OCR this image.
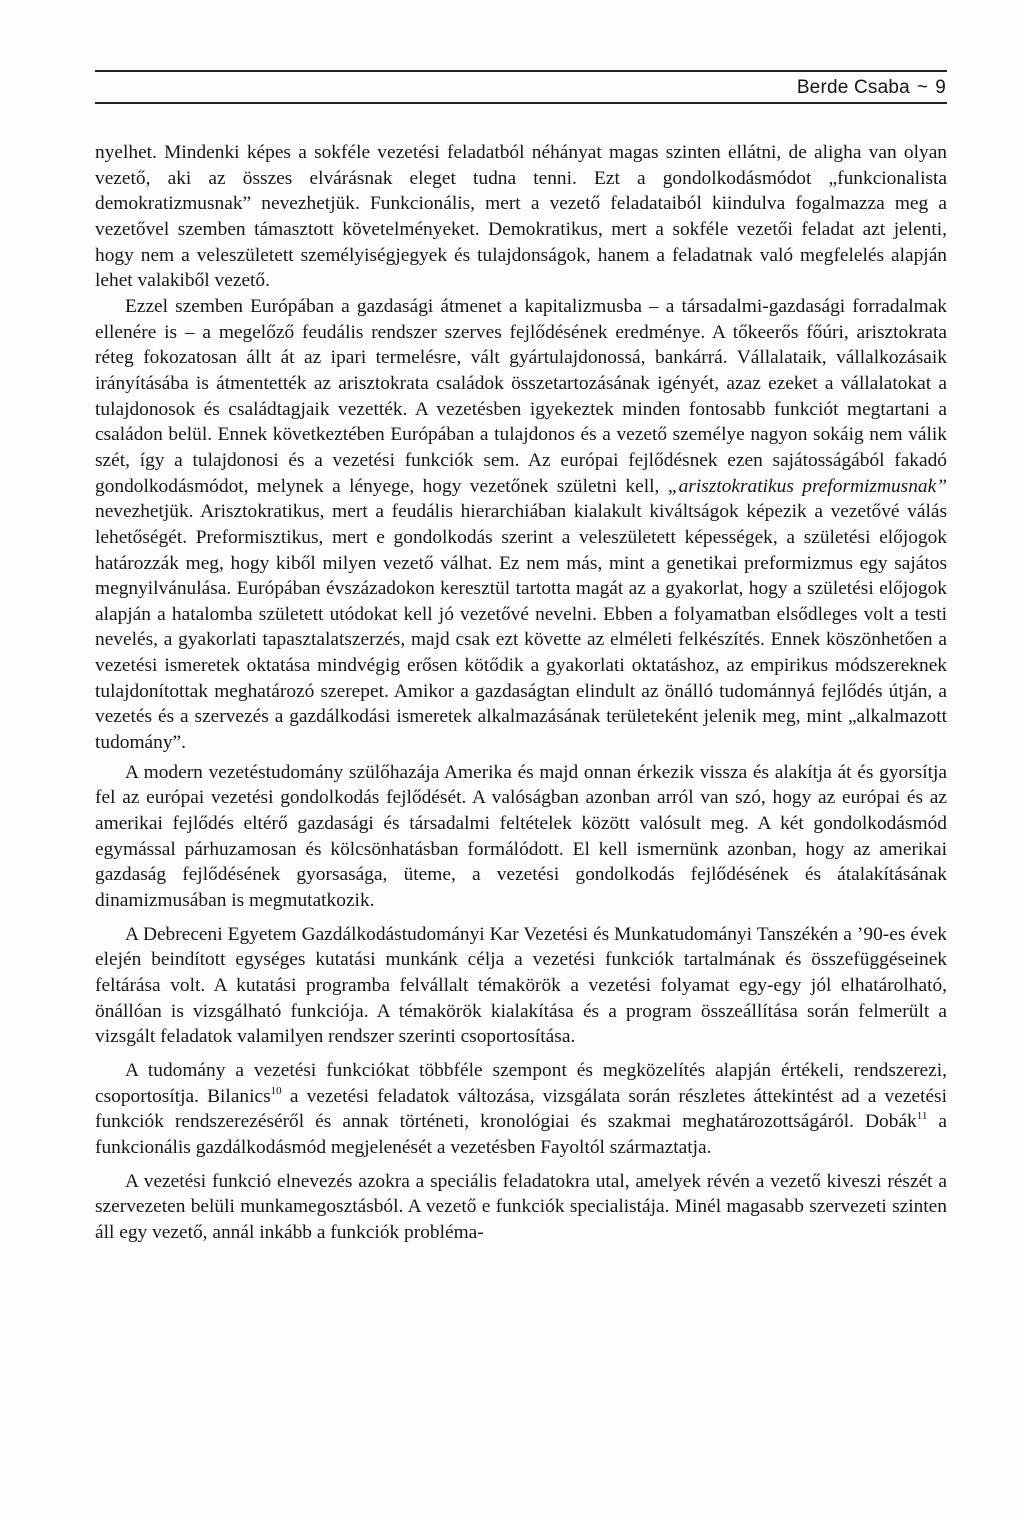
Berde Csaba ~ 9

nyelhet. Mindenki képes a sokféle vezetési feladatból néhányat magas szinten ellátni, de aligha van olyan vezető, aki az összes elvárásnak eleget tudna tenni. Ezt a gondolkodásmódot „funkcionalista demokratizmusnak” nevezhetjük. Funkcionális, mert a vezető feladataiból kiindulva fogalmazza meg a vezetővel szemben támasztott követelményeket. Demokratikus, mert a sokféle vezetői feladat azt jelenti, hogy nem a veleszületett személyiségjegyek és tulajdonságok, hanem a feladatnak való megfelelés alapján lehet valakiből vezető.

Ezzel szemben Európában a gazdasági átmenet a kapitalizmusba – a társadalmi-gazdasági forradalmak ellenére is – a megelőző feudális rendszer szerves fejlődésének eredménye. A tőkeerős főúri, arisztokrata réteg fokozatosan állt át az ipari termelésre, vált gyártulajdonossá, bankárrá. Vállalataik, vállalkozásaik irányításába is átmentették az arisztokrata családok összetartozásának igényét, azaz ezeket a vállalatokat a tulajdonosok és családtagjaik vezették. A vezetésben igyekeztek minden fontosabb funkciót megtartani a családon belül. Ennek következtében Európában a tulajdonos és a vezető személye nagyon sokáig nem válik szét, így a tulajdonosi és a vezetési funkciók sem. Az európai fejlődésnek ezen sajátosságából fakadó gondolkodásmódot, melynek a lényege, hogy vezetőnek születni kell, „arisztokratikus preformizmusnak” nevezhetjük. Arisztokratikus, mert a feudális hierarchiában kialakult kiváltságok képezik a vezetővé válás lehetőségét. Preformisztikus, mert e gondolkodás szerint a veleszületett képességek, a születési előjogok határozzák meg, hogy kiből milyen vezető válhat. Ez nem más, mint a genetikai preformizmus egy sajátos megnyilvánulása. Európában évszázadokon keresztül tartotta magát az a gyakorlat, hogy a születési előjogok alapján a hatalomba született utódokat kell jó vezetővé nevelni. Ebben a folyamatban elsődleges volt a testi nevelés, a gyakorlati tapasztalatszerzés, majd csak ezt követte az elméleti felkészítés. Ennek köszönhetően a vezetési ismeretek oktatása mindvégig erősen kötődik a gyakorlati oktatáshoz, az empirikus módszereknek tulajdonítottak meghatározó szerepet. Amikor a gazdaságtan elindult az önálló tudománnyá fejlődés útján, a vezetés és a szervezés a gazdálkodási ismeretek alkalmazásának területeként jelenik meg, mint „alkalmazott tudomány”.

A modern vezetéstudomány szülőhazája Amerika és majd onnan érkezik vissza és alakítja át és gyorsítja fel az európai vezetési gondolkodás fejlődését. A valóságban azonban arról van szó, hogy az európai és az amerikai fejlődés eltérő gazdasági és társadalmi feltételek között valósult meg. A két gondolkodásmód egymással párhuzamosan és kölcsönhatásban formálódott. El kell ismernünk azonban, hogy az amerikai gazdaság fejlődésének gyorsasága, üteme, a vezetési gondolkodás fejlődésének és átalakításának dinamizmusában is megmutatkozik.

A Debreceni Egyetem Gazdálkodástudományi Kar Vezetési és Munkatudományi Tanszékén a ’90-es évek elején beindított egységes kutatási munkánk célja a vezetési funkciók tartalmának és összefüggéseinek feltárása volt. A kutatási programba felvállalt témakörök a vezetési folyamat egy-egy jól elhatárolható, önállóan is vizsgálható funkciója. A témakörök kialakítása és a program összeállítása során felmerült a vizsgált feladatok valamilyen rendszer szerinti csoportosítása.

A tudomány a vezetési funkciókat többféle szempont és megközelítés alapján értékeli, rendszerezi, csoportosítja. Bilanics$^{10}$ a vezetési feladatok változása, vizsgálata során részletes áttekintést ad a vezetési funkciók rendszerezéséről és annak történeti, kronológiai és szakmai meghatározottságáról. Dobák$^{11}$ a funkcionális gazdálkodásmód megjelenését a vezetésben Fayoltól származtatja.

A vezetési funkció elnevezés azokra a speciális feladatokra utal, amelyek révén a vezető kiveszi részét a szervezeten belüli munkamegosztásból. A vezető e funkciók specialistája. Minél magasabb szervezeti szinten áll egy vezető, annál inkább a funkciók probléma-
